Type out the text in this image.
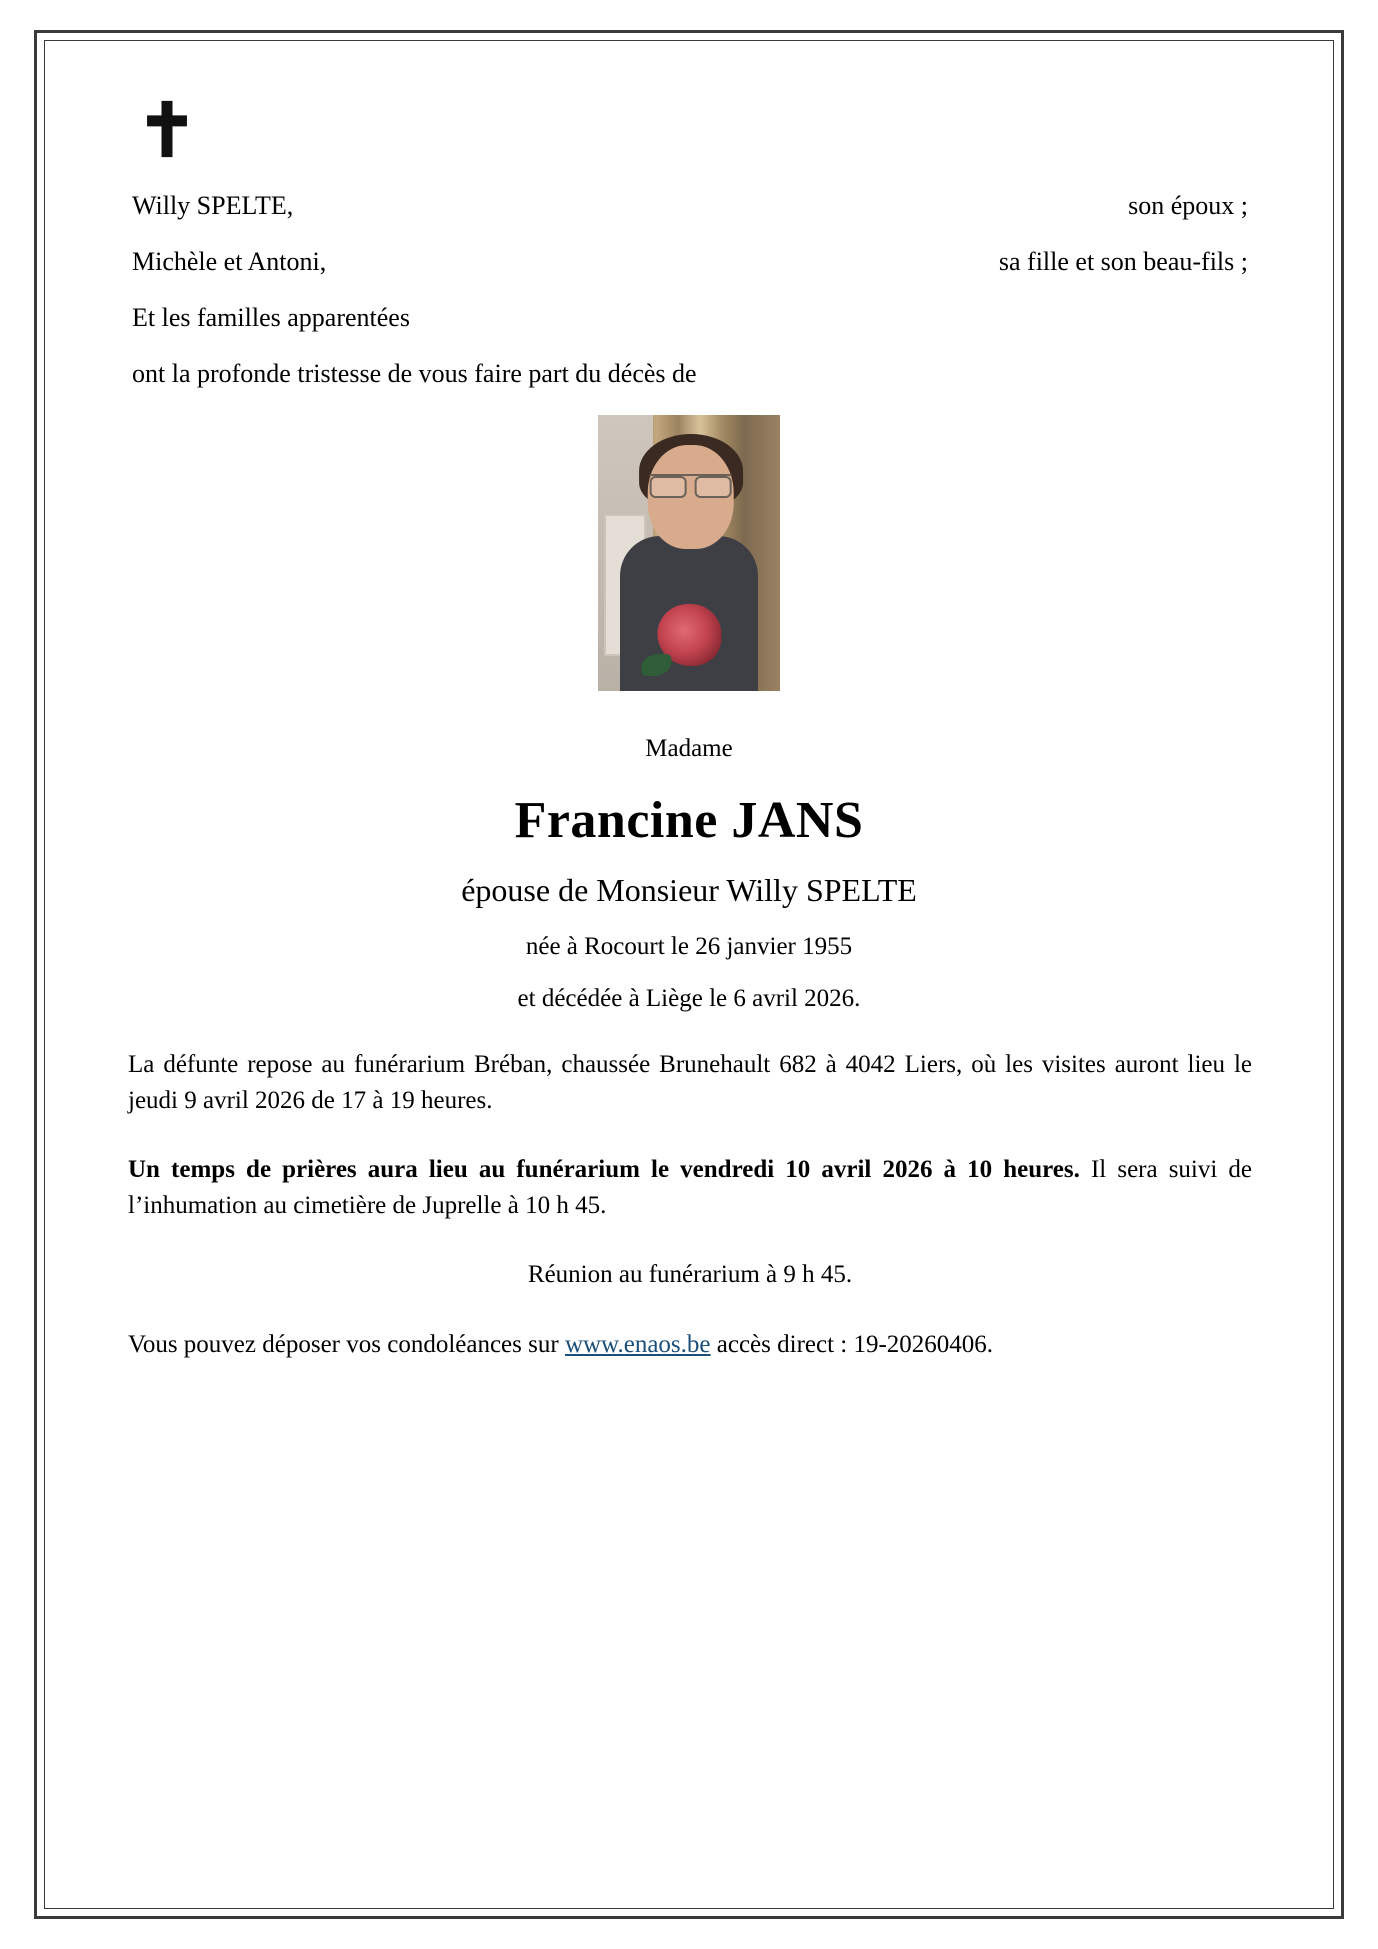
✝
Willy SPELTE,	son époux ;
Michèle et Antoni,	sa fille et son beau-fils ;
Et les familles apparentées
ont la profonde tristesse de vous faire part du décès de
Madame
Francine JANS
épouse de Monsieur Willy SPELTE
née à Rocourt le 26 janvier 1955
et décédée à Liège le 6 avril 2026.
La défunte repose au funérarium Bréban, chaussée Brunehault 682 à 4042 Liers, où les visites auront lieu le jeudi 9 avril 2026 de 17 à 19 heures.
Un temps de prières aura lieu au funérarium le vendredi 10 avril 2026 à 10 heures. Il sera suivi de l’inhumation au cimetière de Juprelle à 10 h 45.
Réunion au funérarium à 9 h 45.
Vous pouvez déposer vos condoléances sur www.enaos.be accès direct : 19-20260406.
